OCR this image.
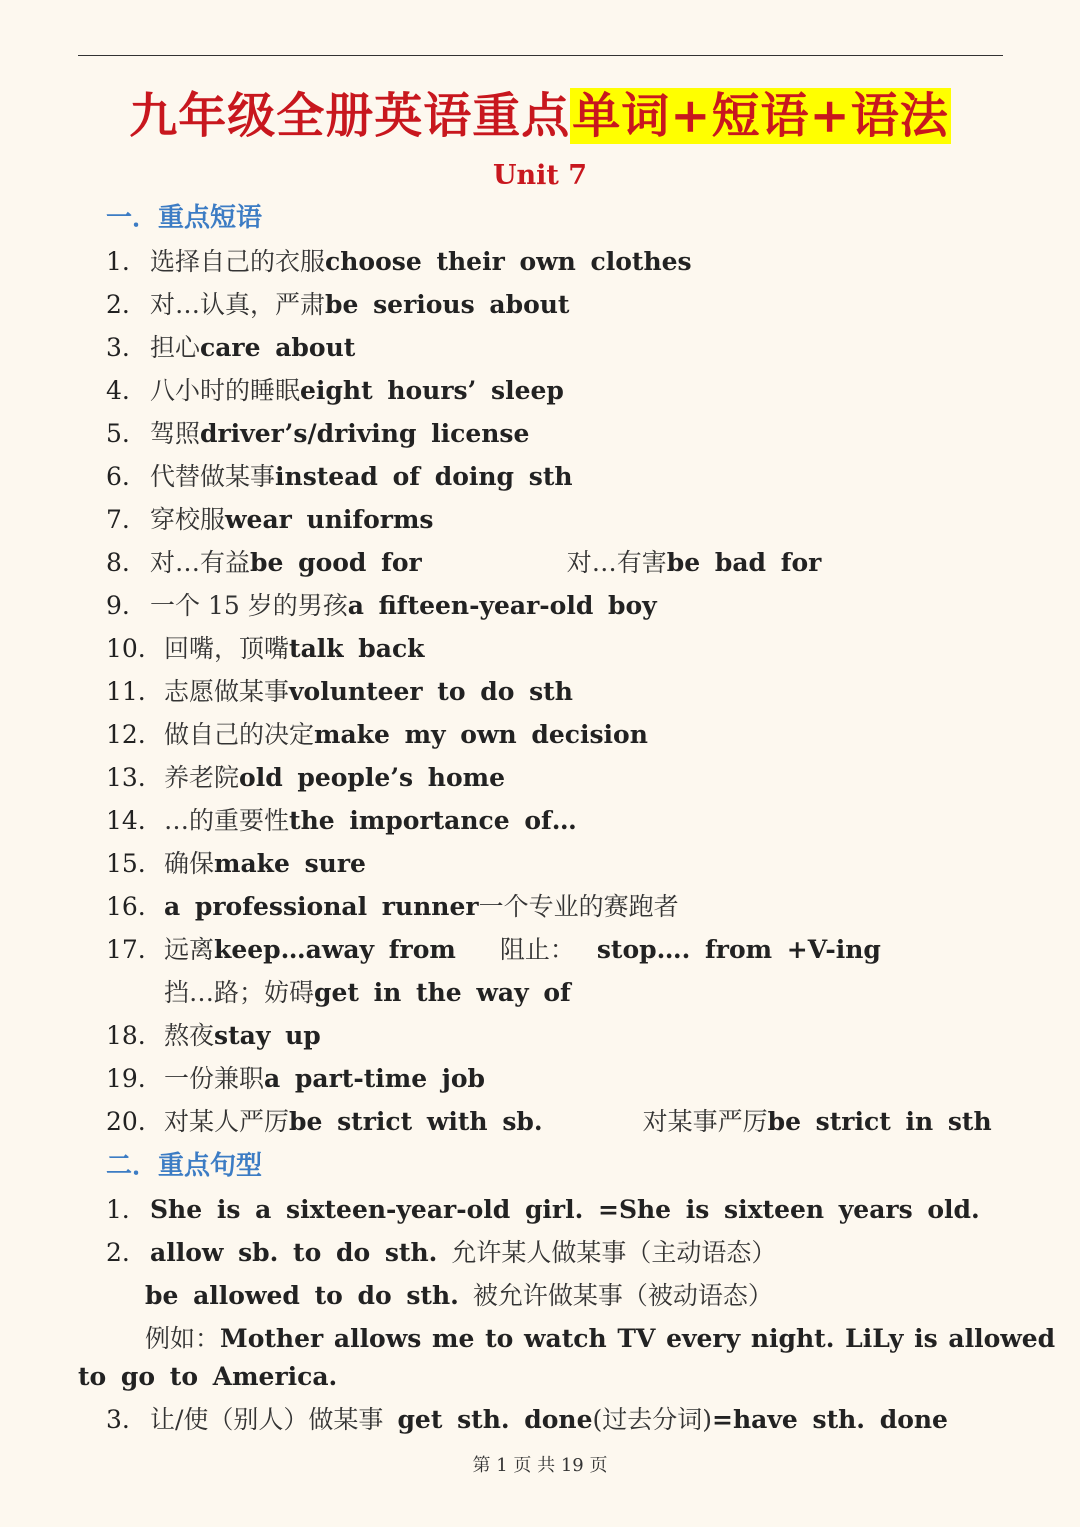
九年级全册英语重点单词+短语+语法
Unit 7
一．重点短语
1. 选择自己的衣服choose their own clothes
2. 对…认真，严肃be serious about
3. 担心care about
4. 八小时的睡眠eight hours’ sleep
5. 驾照driver’s/driving license
6. 代替做某事instead of doing sth
7. 穿校服wear uniforms
8. 对…有益be good for	对…有害be bad for
9. 一个 15 岁的男孩a fifteen-year-old boy
10. 回嘴，顶嘴talk back
11. 志愿做某事volunteer to do sth
12. 做自己的决定make my own decision
13. 养老院old people’s home
14. …的重要性the importance of…
15. 确保make sure
16. a professional runner一个专业的赛跑者
17. 远离keep…away from 阻止： stop…. from +V-ing
挡…路；妨碍get in the way of
18. 熬夜stay up
19. 一份兼职a part-time job
20. 对某人严厉be strict with sb.	对某事严厉be strict in sth
二．重点句型
1． She is a sixteen-year-old girl. =She is sixteen years old.
2. allow sb. to do sth. 允许某人做某事（主动语态）
be allowed to do sth. 被允许做某事（被动语态）
例如：Mother allows me to watch TV every night. LiLy is allowed
to go to America.
3. 让/使（别人）做某事 get sth. done(过去分词)=have sth. done
第 1 页 共 19 页
